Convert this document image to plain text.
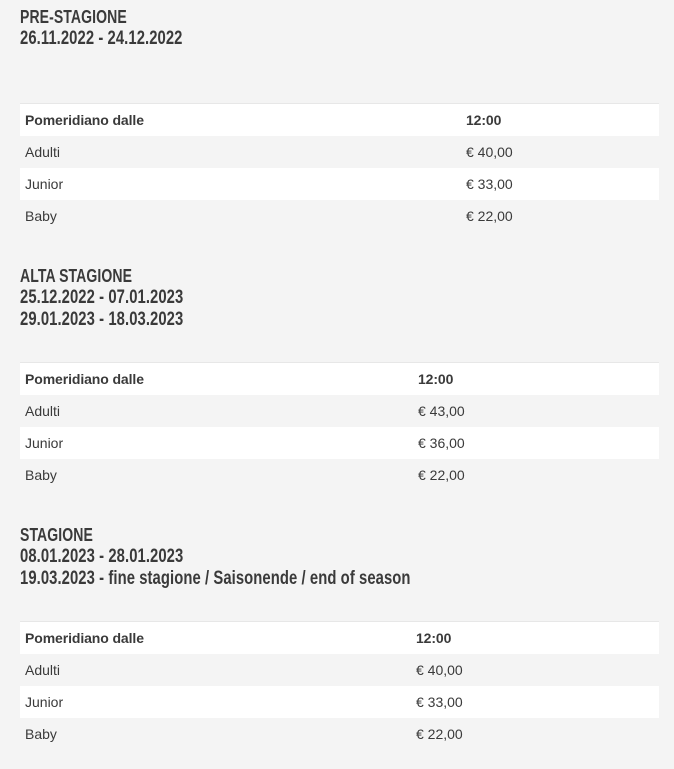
PRE-STAGIONE
26.11.2022 - 24.12.2022
Pomeridiano dalle	12:00
Adulti	€ 40,00
Junior	€ 33,00
Baby	€ 22,00
ALTA STAGIONE
25.12.2022 - 07.01.2023
29.01.2023 - 18.03.2023
Pomeridiano dalle	12:00
Adulti	€ 43,00
Junior	€ 36,00
Baby	€ 22,00
STAGIONE
08.01.2023 - 28.01.2023
19.03.2023 - fine stagione / Saisonende / end of season
Pomeridiano dalle	12:00
Adulti	€ 40,00
Junior	€ 33,00
Baby	€ 22,00
